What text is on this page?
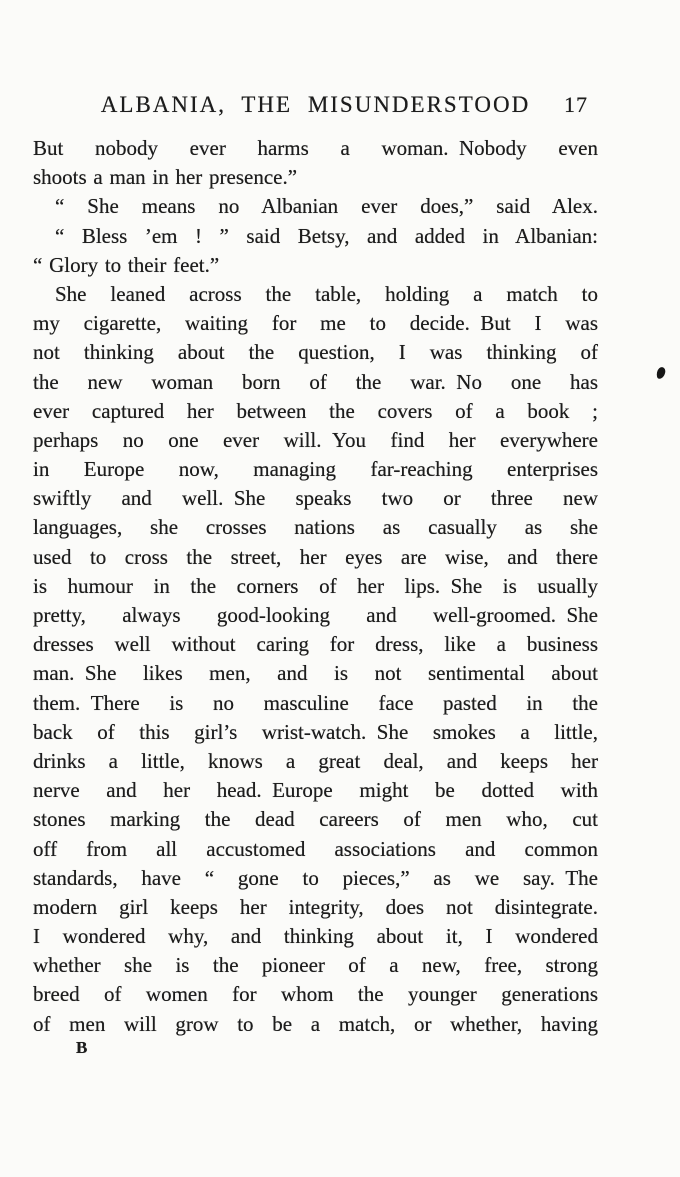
ALBANIA, THE MISUNDERSTOOD	17
But nobody ever harms a woman. Nobody even
shoots a man in her presence.”
“ She means no Albanian ever does,” said Alex.
“ Bless ’em ! ” said Betsy, and added in Albanian:
“ Glory to their feet.”
She leaned across the table, holding a match to
my cigarette, waiting for me to decide. But I was
not thinking about the question, I was thinking of
the new woman born of the war. No one has
ever captured her between the covers of a book ;
perhaps no one ever will. You find her everywhere
in Europe now, managing far-reaching enterprises
swiftly and well. She speaks two or three new
languages, she crosses nations as casually as she
used to cross the street, her eyes are wise, and there
is humour in the corners of her lips. She is usually
pretty, always good-looking and well-groomed. She
dresses well without caring for dress, like a business
man. She likes men, and is not sentimental about
them. There is no masculine face pasted in the
back of this girl’s wrist-watch. She smokes a little,
drinks a little, knows a great deal, and keeps her
nerve and her head. Europe might be dotted with
stones marking the dead careers of men who, cut
off from all accustomed associations and common
standards, have “ gone to pieces,” as we say. The
modern girl keeps her integrity, does not disintegrate.
I wondered why, and thinking about it, I wondered
whether she is the pioneer of a new, free, strong
breed of women for whom the younger generations
of men will grow to be a match, or whether, having
B
